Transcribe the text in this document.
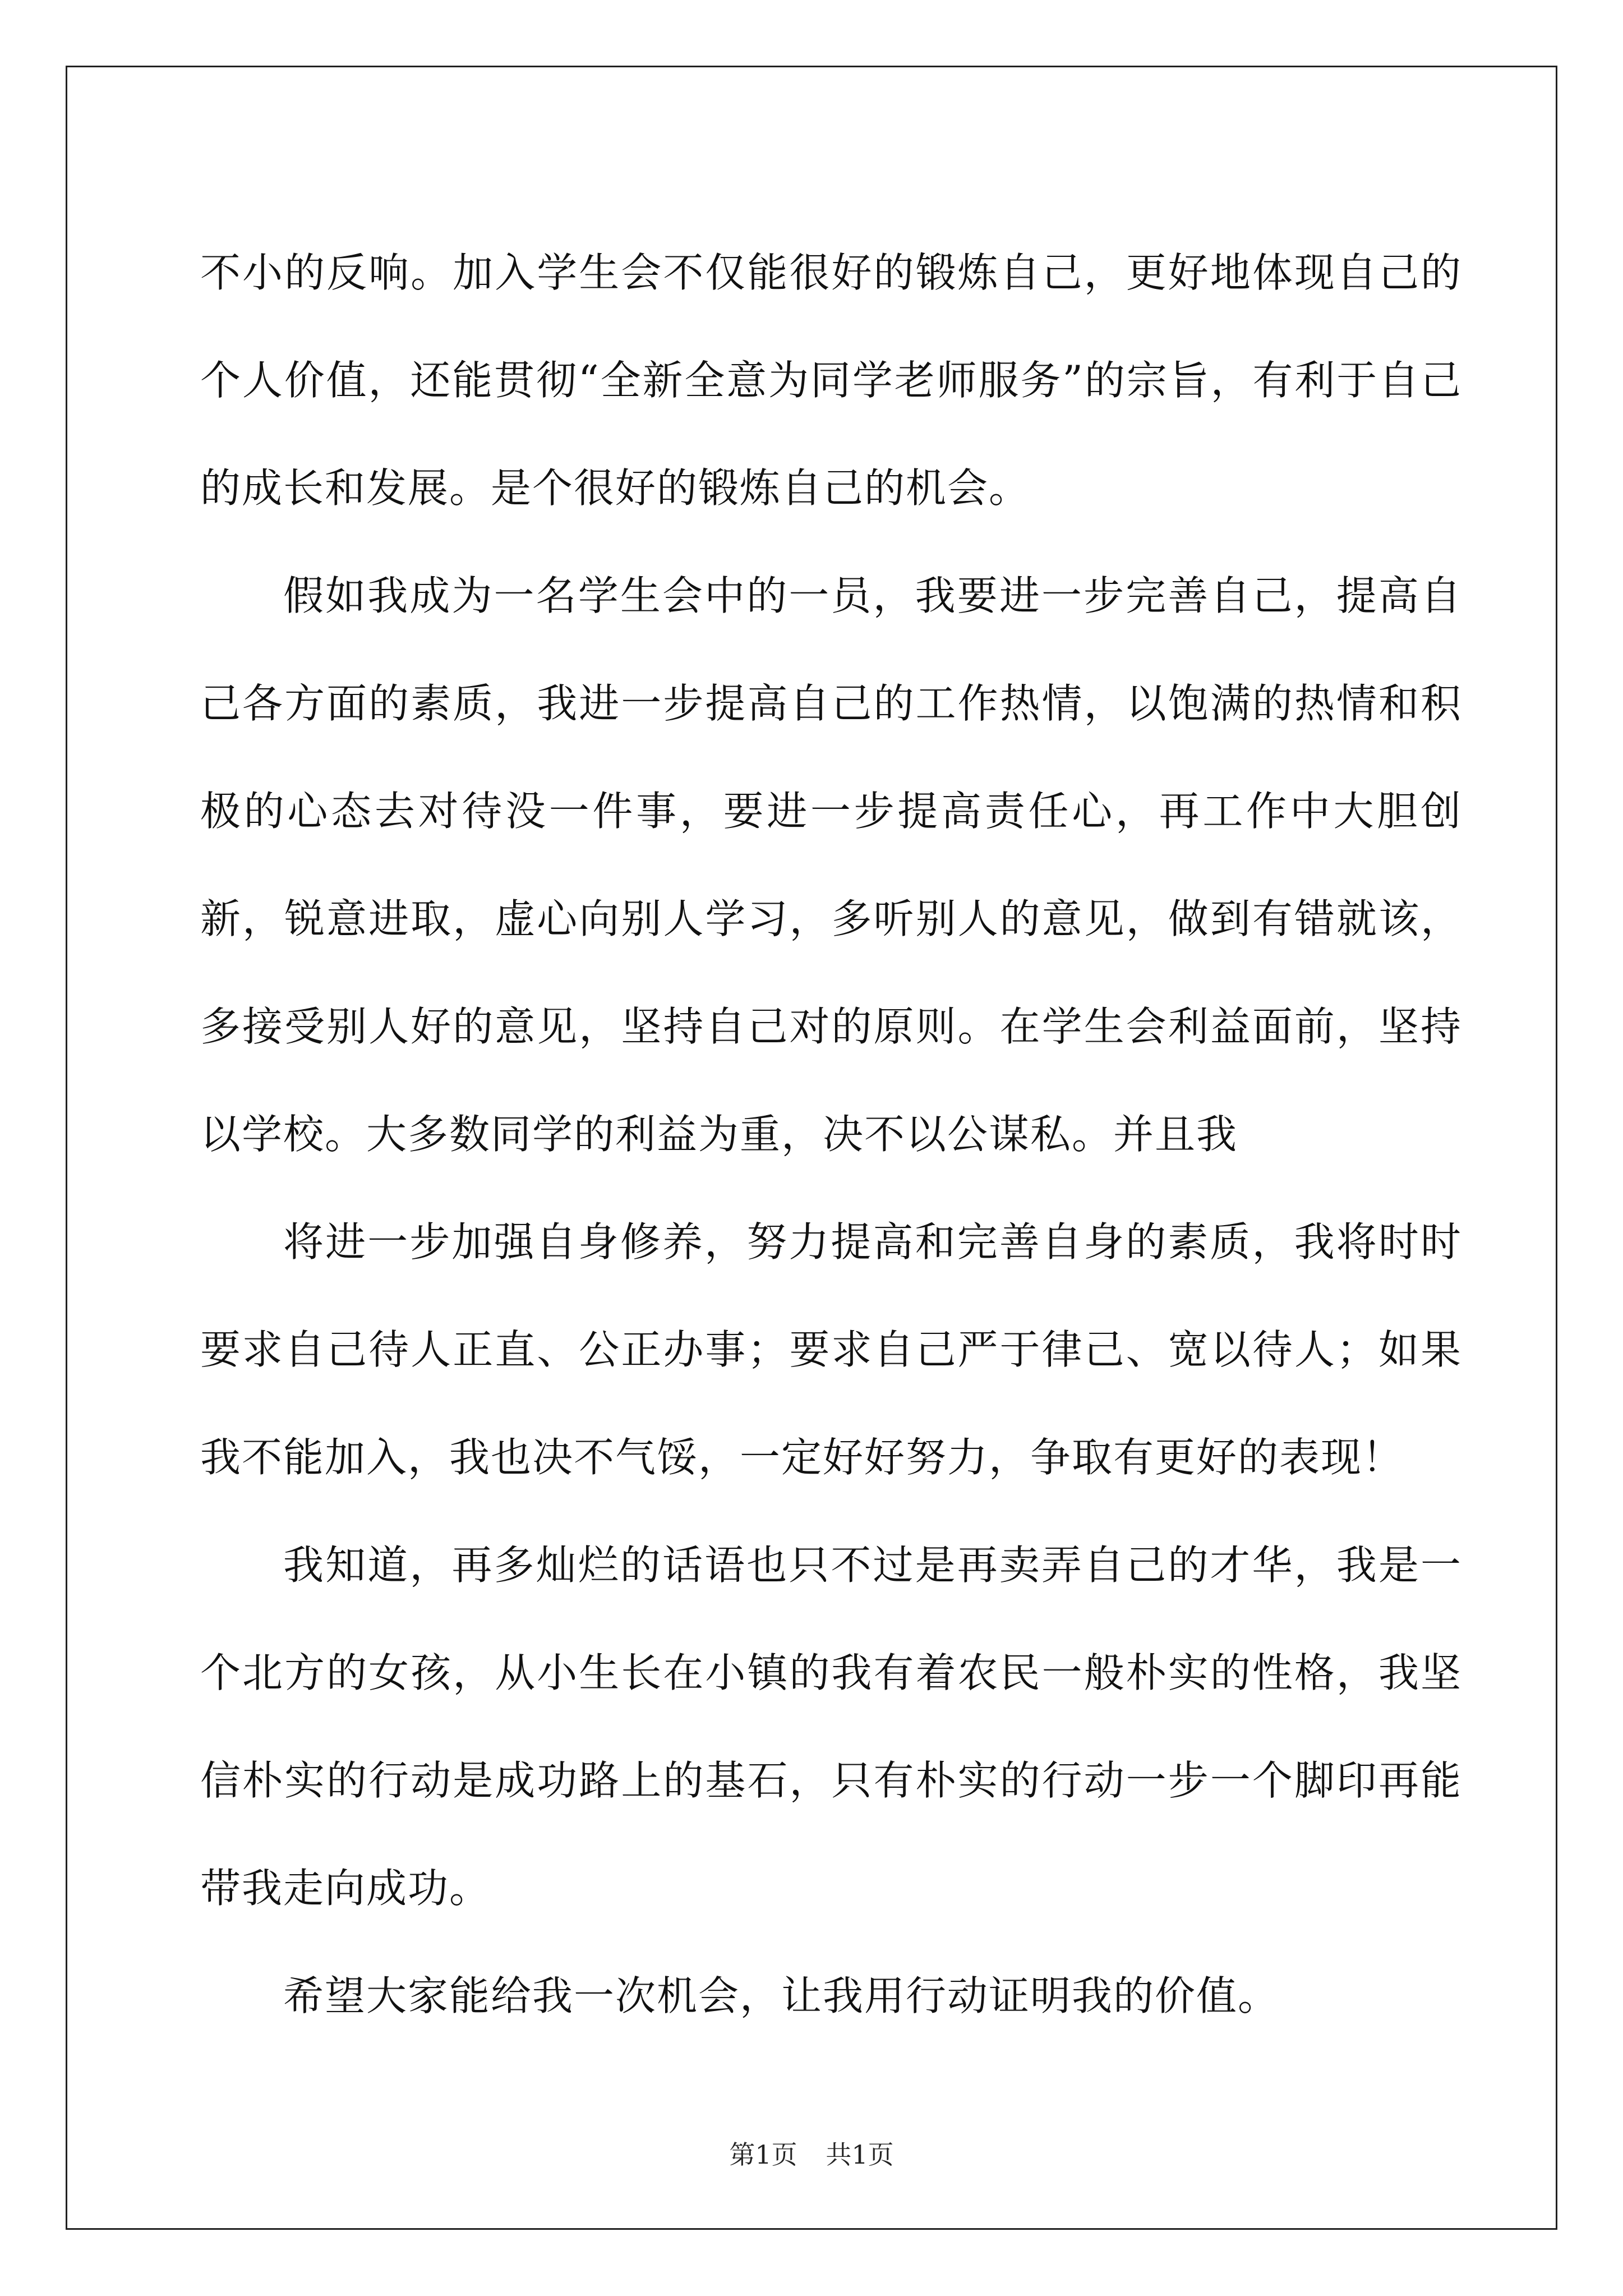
不小的反响。加入学生会不仅能很好的锻炼自己，更好地体现自己的个人价值，还能贯彻“全新全意为同学老师服务”的宗旨，有利于自己的成长和发展。是个很好的锻炼自己的机会。

假如我成为一名学生会中的一员，我要进一步完善自己，提高自己各方面的素质，我进一步提高自己的工作热情，以饱满的热情和积极的心态去对待没一件事，要进一步提高责任心，再工作中大胆创新，锐意进取，虚心向别人学习，多听别人的意见，做到有错就该，多接受别人好的意见，坚持自己对的原则。在学生会利益面前，坚持以学校。大多数同学的利益为重，决不以公谋私。并且我

将进一步加强自身修养，努力提高和完善自身的素质，我将时时要求自己待人正直、公正办事；要求自己严于律己、宽以待人；如果我不能加入，我也决不气馁，一定好好努力，争取有更好的表现！

我知道，再多灿烂的话语也只不过是再卖弄自己的才华，我是一个北方的女孩，从小生长在小镇的我有着农民一般朴实的性格，我坚信朴实的行动是成功路上的基石，只有朴实的行动一步一个脚印再能带我走向成功。

希望大家能给我一次机会，让我用行动证明我的价值。

第1页 共1页
